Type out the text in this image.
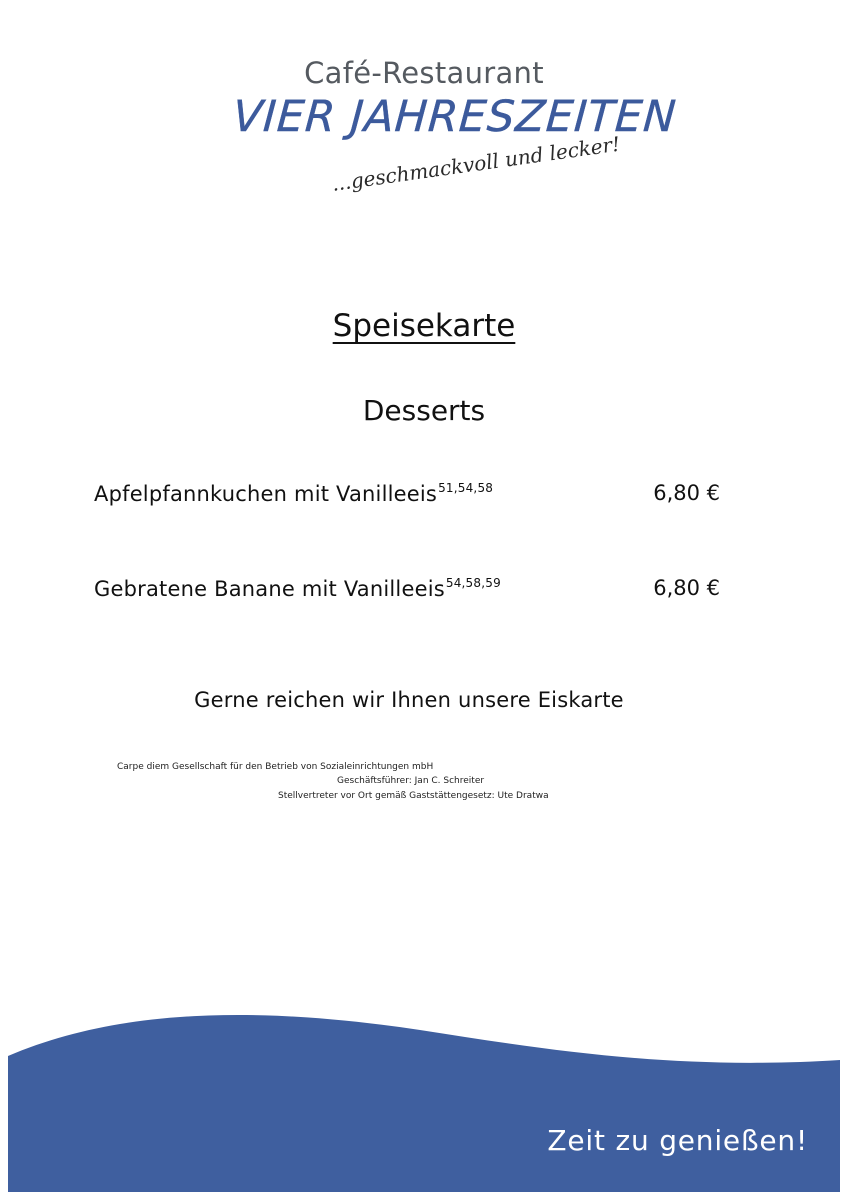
Café-Restaurant
VIER JAHRESZEITEN
...geschmackvoll und lecker!
Speisekarte
Desserts
Apfelpfannkuchen mit Vanilleeis$^{51,54,58}$	6,80 €
Gebratene Banane mit Vanilleeis$^{54,58,59}$	6,80 €
Gerne reichen wir Ihnen unsere Eiskarte
Carpe diem Gesellschaft für den Betrieb von Sozialeinrichtungen mbH
Geschäftsführer: Jan C. Schreiter
Stellvertreter vor Ort gemäß Gaststättengesetz: Ute Dratwa
Zeit zu genießen!
